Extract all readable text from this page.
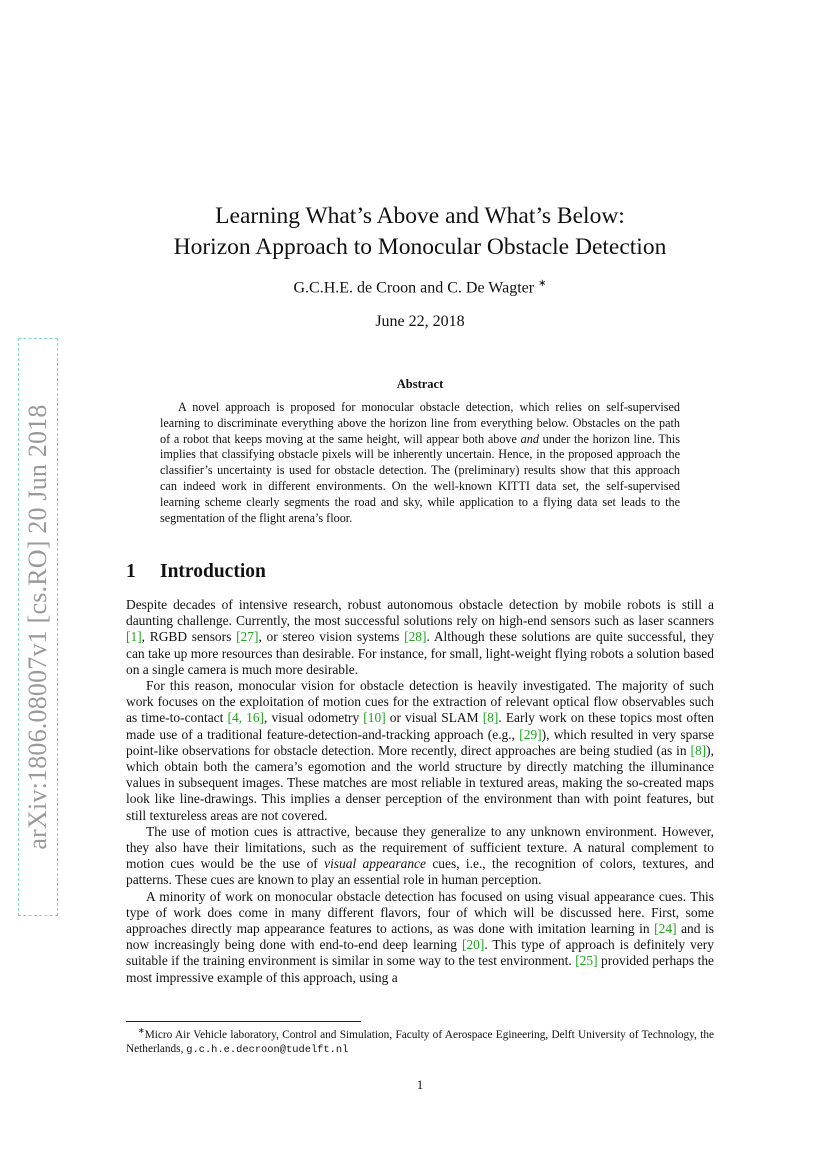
arXiv:1806.08007v1 [cs.RO] 20 Jun 2018
Learning What’s Above and What’s Below:
Horizon Approach to Monocular Obstacle Detection
G.C.H.E. de Croon and C. De Wagter ∗
June 22, 2018
Abstract
A novel approach is proposed for monocular obstacle detection, which relies on self-supervised learning to discriminate everything above the horizon line from everything below. Obstacles on the path of a robot that keeps moving at the same height, will appear both above and under the horizon line. This implies that classifying obstacle pixels will be inherently uncertain. Hence, in the proposed approach the classifier’s uncertainty is used for obstacle detection. The (preliminary) results show that this approach can indeed work in different environments. On the well-known KITTI data set, the self-supervised learning scheme clearly segments the road and sky, while application to a flying data set leads to the segmentation of the flight arena’s floor.
1 Introduction

Despite decades of intensive research, robust autonomous obstacle detection by mobile robots is still a daunting challenge. Currently, the most successful solutions rely on high-end sensors such as laser scanners [1], RGBD sensors [27], or stereo vision systems [28]. Although these solutions are quite successful, they can take up more resources than desirable. For instance, for small, light-weight flying robots a solution based on a single camera is much more desirable.

For this reason, monocular vision for obstacle detection is heavily investigated. The majority of such work focuses on the exploitation of motion cues for the extraction of relevant optical flow observables such as time-to-contact [4, 16], visual odometry [10] or visual SLAM [8]. Early work on these topics most often made use of a traditional feature-detection-and-tracking approach (e.g., [29]), which resulted in very sparse point-like observations for obstacle detection. More recently, direct approaches are being studied (as in [8]), which obtain both the camera’s egomotion and the world structure by directly matching the illuminance values in subsequent images. These matches are most reliable in textured areas, making the so-created maps look like line-drawings. This implies a denser perception of the environment than with point features, but still textureless areas are not covered.

The use of motion cues is attractive, because they generalize to any unknown environment. However, they also have their limitations, such as the requirement of sufficient texture. A natural complement to motion cues would be the use of visual appearance cues, i.e., the recognition of colors, textures, and patterns. These cues are known to play an essential role in human perception.

A minority of work on monocular obstacle detection has focused on using visual appearance cues. This type of work does come in many different flavors, four of which will be discussed here. First, some approaches directly map appearance features to actions, as was done with imitation learning in [24] and is now increasingly being done with end-to-end deep learning [20]. This type of approach is definitely very suitable if the training environment is similar in some way to the test environment. [25] provided perhaps the most impressive example of this approach, using a

∗Micro Air Vehicle laboratory, Control and Simulation, Faculty of Aerospace Egineering, Delft University of Technology, the Netherlands, g.c.h.e.decroon@tudelft.nl
1
